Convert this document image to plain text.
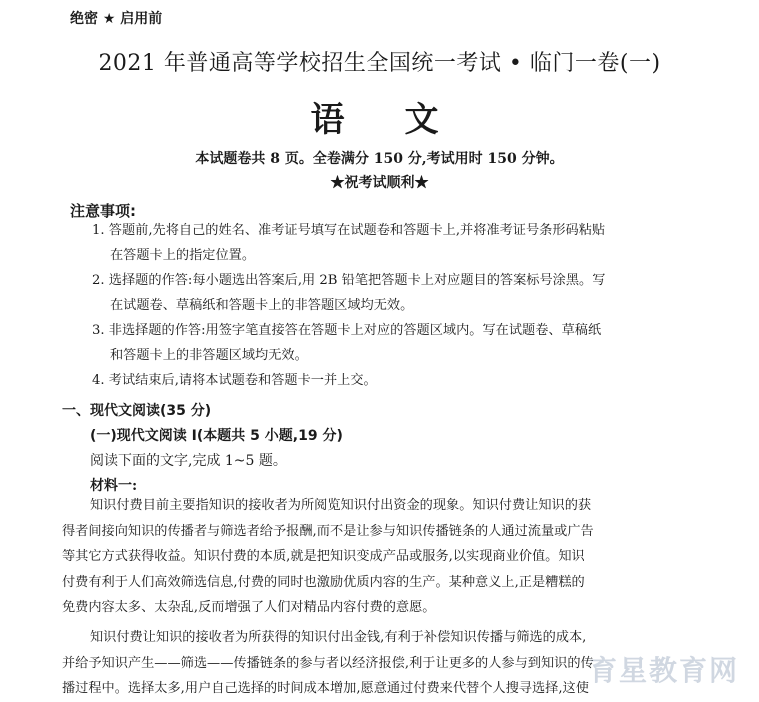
绝密 ★ 启用前
2021 年普通高等学校招生全国统一考试 • 临门一卷(一)
语文
本试题卷共 8 页。全卷满分 150 分,考试用时 150 分钟。
★祝考试顺利★
注意事项:
1. 答题前,先将自己的姓名、准考证号填写在试题卷和答题卡上,并将准考证号条形码粘贴
在答题卡上的指定位置。
2. 选择题的作答:每小题选出答案后,用 2B 铅笔把答题卡上对应题目的答案标号涂黑。写
在试题卷、草稿纸和答题卡上的非答题区域均无效。
3. 非选择题的作答:用签字笔直接答在答题卡上对应的答题区域内。写在试题卷、草稿纸
和答题卡上的非答题区域均无效。
4. 考试结束后,请将本试题卷和答题卡一并上交。
一、现代文阅读(35 分)
(一)现代文阅读 I(本题共 5 小题,19 分)
阅读下面的文字,完成 1~5 题。
材料一:
知识付费目前主要指知识的接收者为所阅览知识付出资金的现象。知识付费让知识的获
得者间接向知识的传播者与筛选者给予报酬,而不是让参与知识传播链条的人通过流量或广告
等其它方式获得收益。知识付费的本质,就是把知识变成产品或服务,以实现商业价值。知识
付费有利于人们高效筛选信息,付费的同时也激励优质内容的生产。某种意义上,正是糟糕的
免费内容太多、太杂乱,反而增强了人们对精品内容付费的意愿。
知识付费让知识的接收者为所获得的知识付出金钱,有利于补偿知识传播与筛选的成本,
并给予知识产生——筛选——传播链条的参与者以经济报偿,利于让更多的人参与到知识的传
播过程中。选择太多,用户自己选择的时间成本增加,愿意通过付费来代替个人搜寻选择,这使
育星教育网
